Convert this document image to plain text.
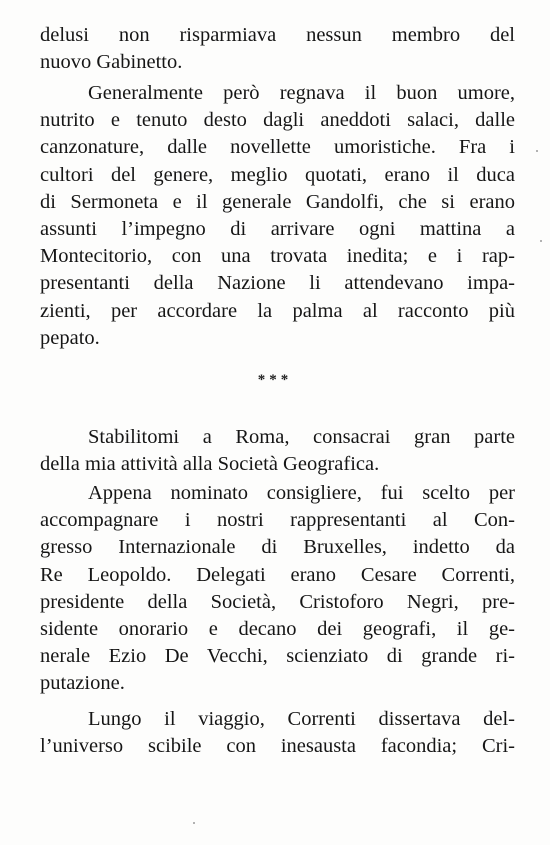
delusi non risparmiava nessun membro del
nuovo Gabinetto.
Generalmente però regnava il buon umore,
nutrito e tenuto desto dagli aneddoti salaci, dalle
canzonature, dalle novellette umoristiche. Fra i
cultori del genere, meglio quotati, erano il duca
di Sermoneta e il generale Gandolfi, che si erano
assunti l’impegno di arrivare ogni mattina a
Montecitorio, con una trovata inedita; e i rap-
presentanti della Nazione li attendevano impa-
zienti, per accordare la palma al racconto più
pepato.
***
Stabilitomi a Roma, consacrai gran parte
della mia attività alla Società Geografica.
Appena nominato consigliere, fui scelto per
accompagnare i nostri rappresentanti al Con-
gresso Internazionale di Bruxelles, indetto da
Re Leopoldo. Delegati erano Cesare Correnti,
presidente della Società, Cristoforo Negri, pre-
sidente onorario e decano dei geografi, il ge-
nerale Ezio De Vecchi, scienziato di grande ri-
putazione.
Lungo il viaggio, Correnti dissertava del-
l’universo scibile con inesausta facondia; Cri-
